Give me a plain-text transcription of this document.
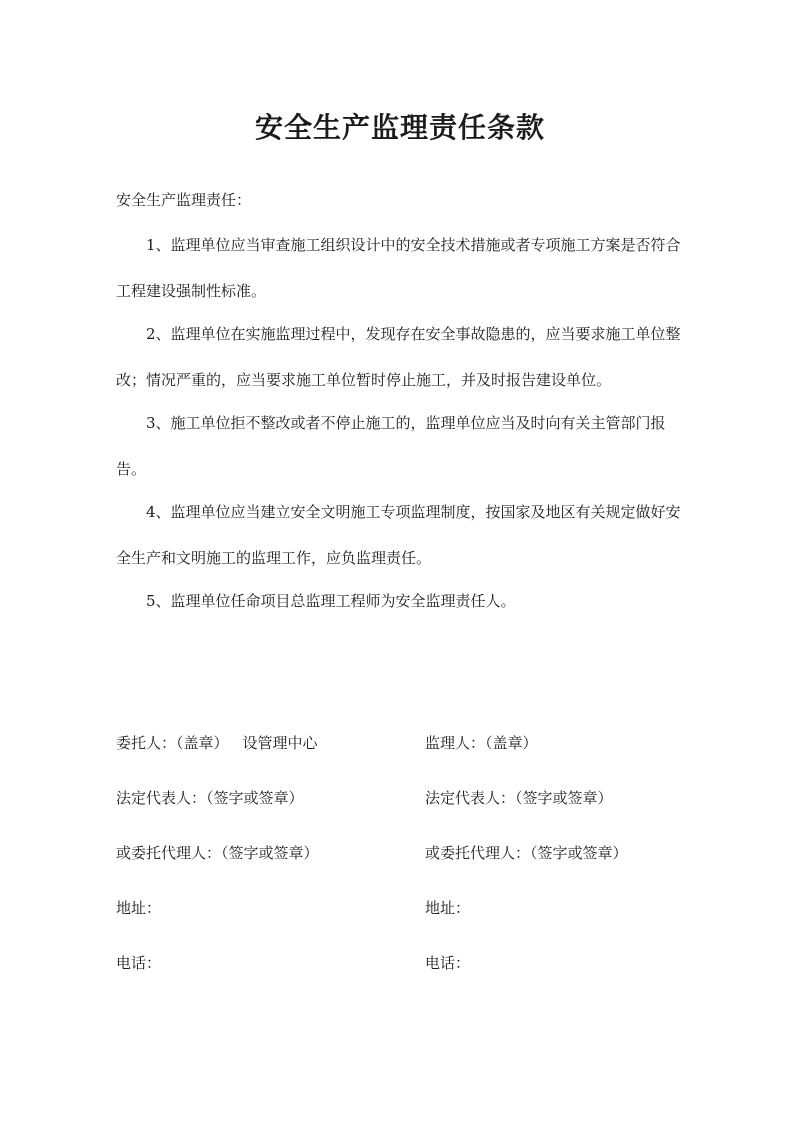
安全生产监理责任条款
安全生产监理责任：

1、监理单位应当审查施工组织设计中的安全技术措施或者专项施工方案是否符合工程建设强制性标准。

2、监理单位在实施监理过程中，发现存在安全事故隐患的，应当要求施工单位整改；情况严重的，应当要求施工单位暂时停止施工，并及时报告建设单位。

3、施工单位拒不整改或者不停止施工的，监理单位应当及时向有关主管部门报告。

4、监理单位应当建立安全文明施工专项监理制度，按国家及地区有关规定做好安全生产和文明施工的监理工作，应负监理责任。

5、监理单位任命项目总监理工程师为安全监理责任人。

委托人：（盖章） 设管理中心	监理人：（盖章）
法定代表人：（签字或签章）	法定代表人：（签字或签章）
或委托代理人：（签字或签章）	或委托代理人：（签字或签章）
地址：	地址：
电话：	电话：
